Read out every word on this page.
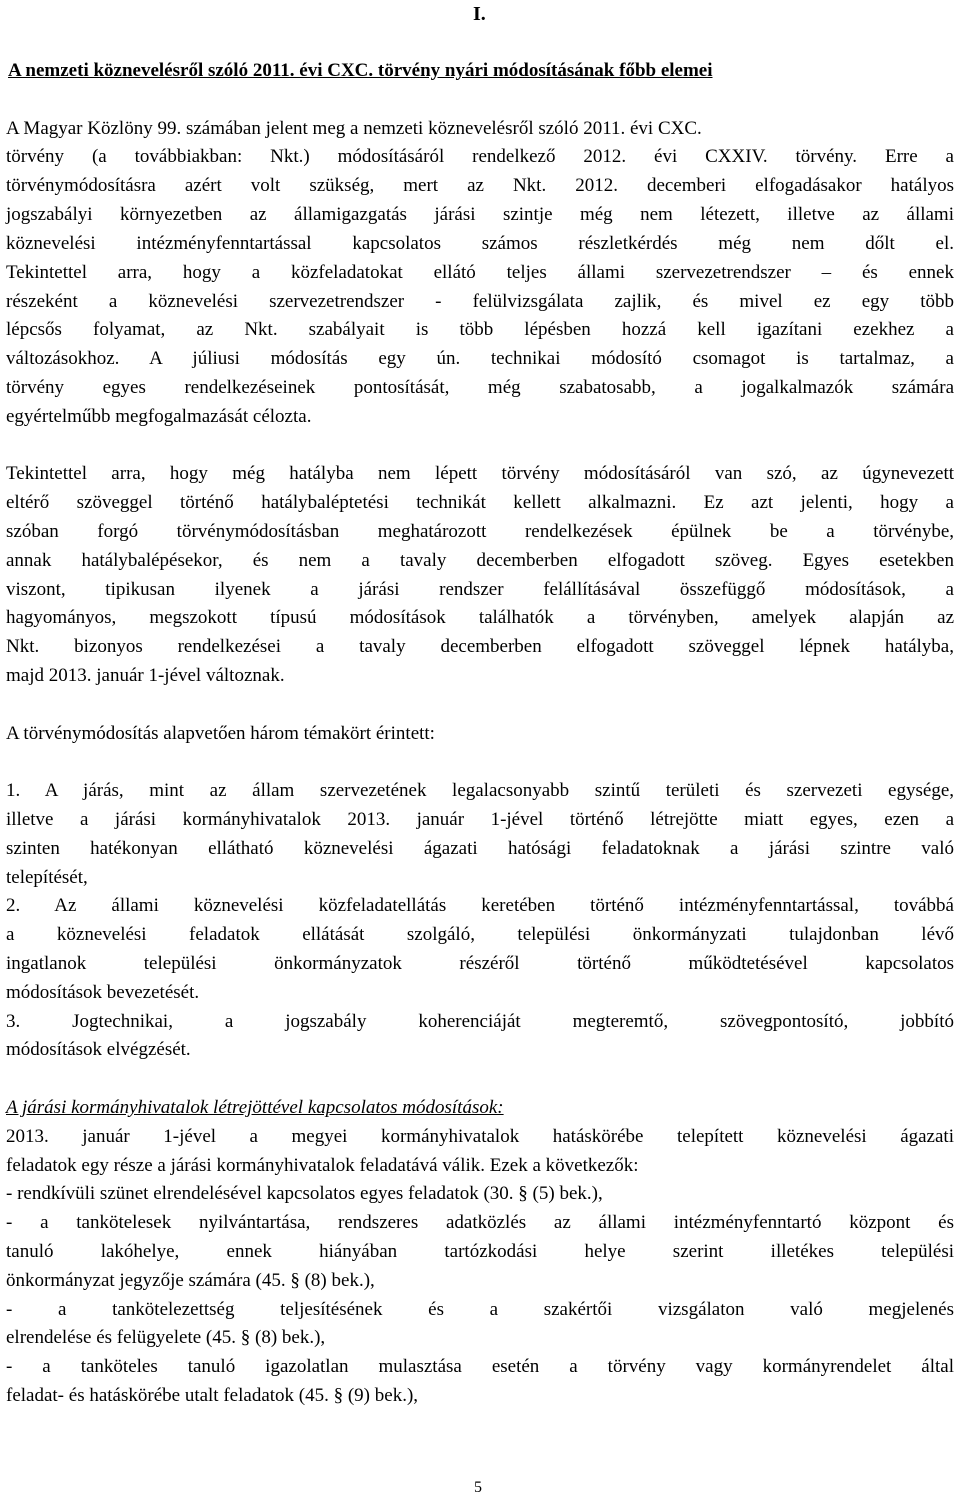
I.
A nemzeti köznevelésről szóló 2011. évi CXC. törvény nyári módosításának főbb elemei
A Magyar Közlöny 99. számában jelent meg a nemzeti köznevelésről szóló 2011. évi CXC.
törvény (a továbbiakban: Nkt.) módosításáról rendelkező 2012. évi CXXIV. törvény. Erre a
törvénymódosításra azért volt szükség, mert az Nkt. 2012. decemberi elfogadásakor hatályos
jogszabályi környezetben az államigazgatás járási szintje még nem létezett, illetve az állami
köznevelési intézményfenntartással kapcsolatos számos részletkérdés még nem dőlt el.
Tekintettel arra, hogy a közfeladatokat ellátó teljes állami szervezetrendszer – és ennek
részeként a köznevelési szervezetrendszer - felülvizsgálata zajlik, és mivel ez egy több
lépcsős folyamat, az Nkt. szabályait is több lépésben hozzá kell igazítani ezekhez a
változásokhoz. A júliusi módosítás egy ún. technikai módosító csomagot is tartalmaz, a
törvény egyes rendelkezéseinek pontosítását, még szabatosabb, a jogalkalmazók számára
egyértelműbb megfogalmazását célozta.
Tekintettel arra, hogy még hatályba nem lépett törvény módosításáról van szó, az úgynevezett
eltérő szöveggel történő hatálybaléptetési technikát kellett alkalmazni. Ez azt jelenti, hogy a
szóban forgó törvénymódosításban meghatározott rendelkezések épülnek be a törvénybe,
annak hatálybalépésekor, és nem a tavaly decemberben elfogadott szöveg. Egyes esetekben
viszont, tipikusan ilyenek a járási rendszer felállításával összefüggő módosítások, a
hagyományos, megszokott típusú módosítások találhatók a törvényben, amelyek alapján az
Nkt. bizonyos rendelkezései a tavaly decemberben elfogadott szöveggel lépnek hatályba,
majd 2013. január 1-jével változnak.
A törvénymódosítás alapvetően három témakört érintett:
1. A járás, mint az állam szervezetének legalacsonyabb szintű területi és szervezeti egysége,
illetve a járási kormányhivatalok 2013. január 1-jével történő létrejötte miatt egyes, ezen a
szinten hatékonyan ellátható köznevelési ágazati hatósági feladatoknak a járási szintre való
telepítését,
2. Az állami köznevelési közfeladatellátás keretében történő intézményfenntartással, továbbá
a köznevelési feladatok ellátását szolgáló, települési önkormányzati tulajdonban lévő
ingatlanok települési önkormányzatok részéről történő működtetésével kapcsolatos
módosítások bevezetését.
3. Jogtechnikai, a jogszabály koherenciáját megteremtő, szövegpontosító, jobbító
módosítások elvégzését.
A járási kormányhivatalok létrejöttével kapcsolatos módosítások:
2013. január 1-jével a megyei kormányhivatalok hatáskörébe telepített köznevelési ágazati
feladatok egy része a járási kormányhivatalok feladatává válik. Ezek a következők:
- rendkívüli szünet elrendelésével kapcsolatos egyes feladatok (30. § (5) bek.),
- a tankötelesek nyilvántartása, rendszeres adatközlés az állami intézményfenntartó központ és
tanuló lakóhelye, ennek hiányában tartózkodási helye szerint illetékes települési
önkormányzat jegyzője számára (45. § (8) bek.),
- a tankötelezettség teljesítésének és a szakértői vizsgálaton való megjelenés
elrendelése és felügyelete (45. § (8) bek.),
- a tanköteles tanuló igazolatlan mulasztása esetén a törvény vagy kormányrendelet által
feladat- és hatáskörébe utalt feladatok (45. § (9) bek.),
5
